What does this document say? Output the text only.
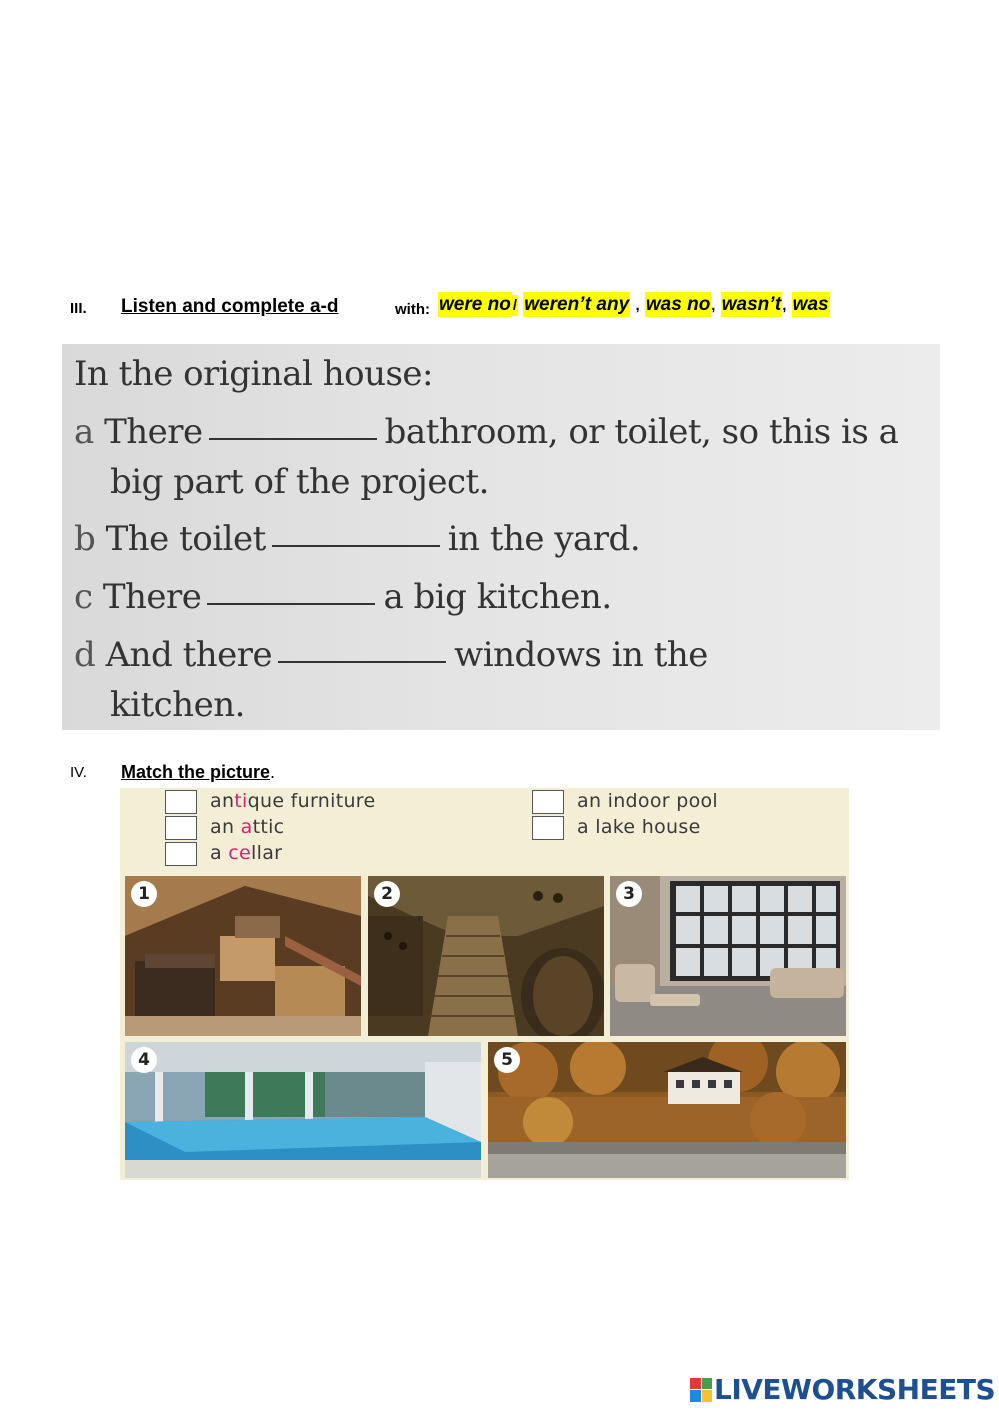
III. Listen and complete a-d	with: were no / weren’t any , was no, wasn’t, was
In the original house:
a There	bathroom, or toilet, so this is a
big part of the project.
b The toilet	in the yard.
c There	a big kitchen.
d And there	windows in the
kitchen.
IV. Match the picture.
antique furniture
an attic
a cellar
an indoor pool
a lake house
1	2	3
4	5
LIVEWORKSHEETS
